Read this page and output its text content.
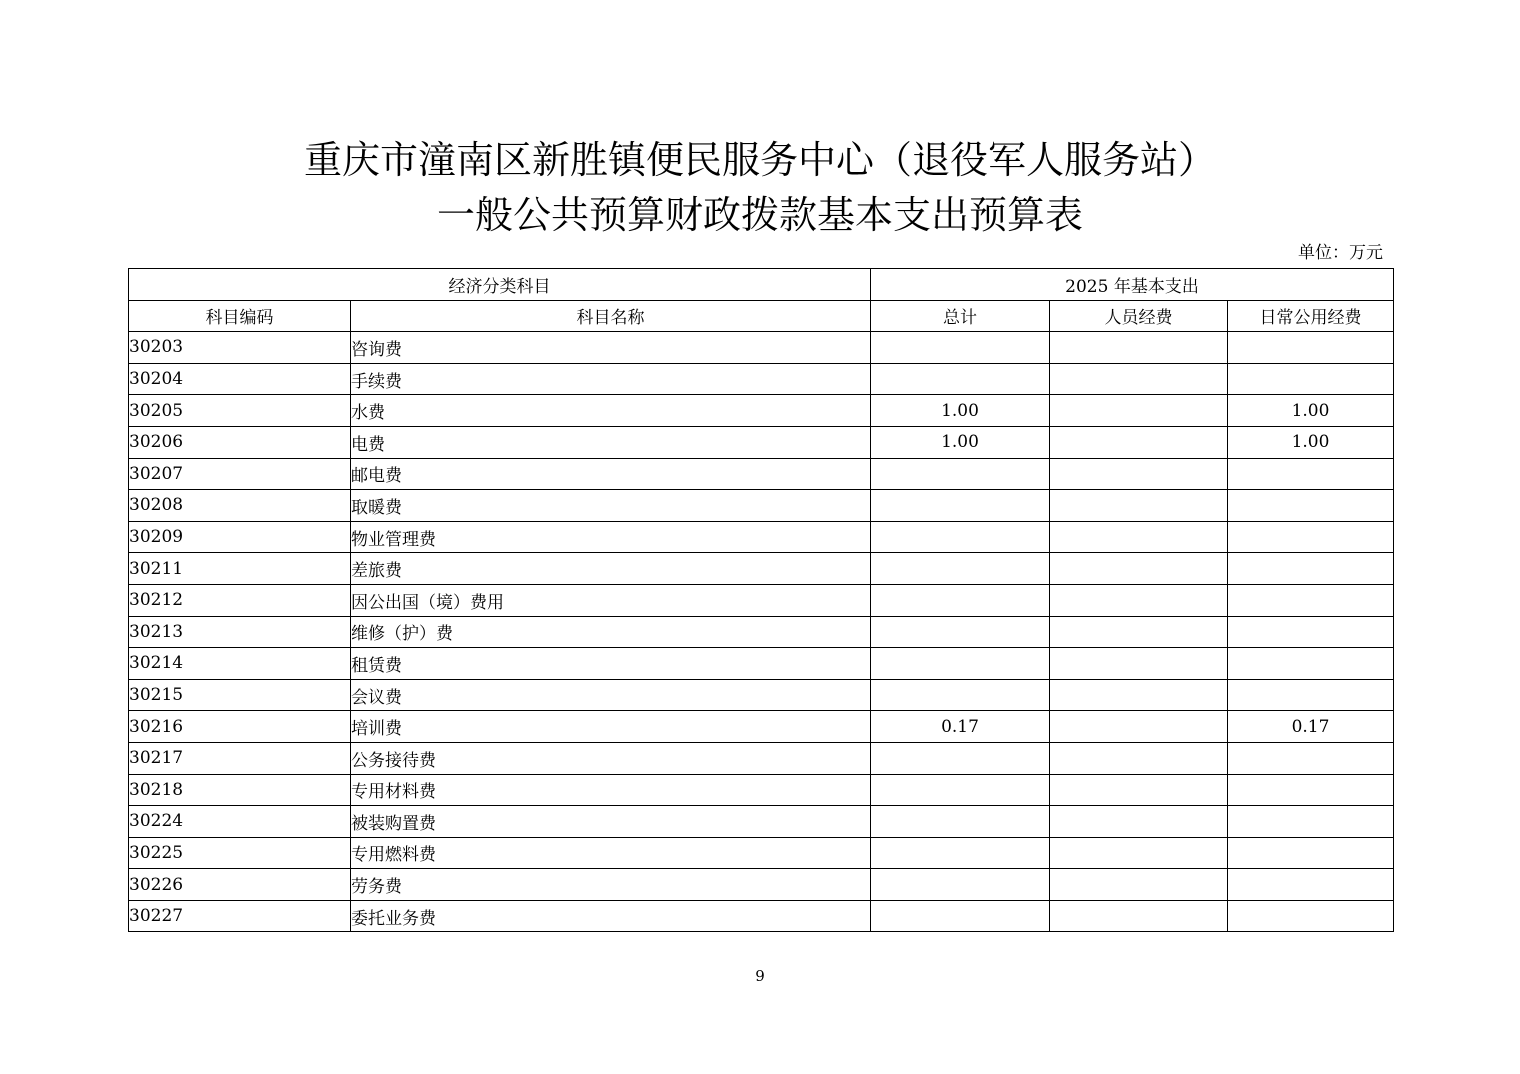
重庆市潼南区新胜镇便民服务中心（退役军人服务站）
一般公共预算财政拨款基本支出预算表
单位：万元
经济分类科目		2025 年基本支出		
科目编码	科目名称	总计	人员经费	日常公用经费
30203	咨询费			
30204	手续费			
30205	水费	1.00		1.00
30206	电费	1.00		1.00
30207	邮电费			
30208	取暖费			
30209	物业管理费			
30211	差旅费			
30212	因公出国（境）费用			
30213	维修（护）费			
30214	租赁费			
30215	会议费			
30216	培训费	0.17		0.17
30217	公务接待费			
30218	专用材料费			
30224	被装购置费			
30225	专用燃料费			
30226	劳务费			
30227	委托业务费			
9
